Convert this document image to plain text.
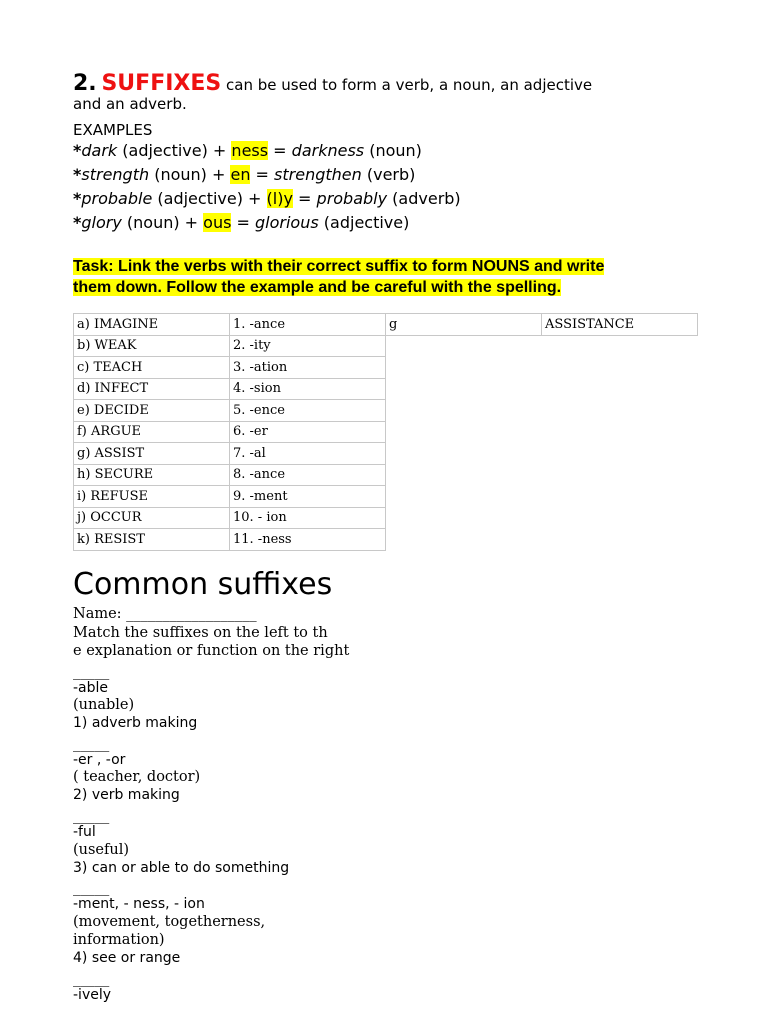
2. SUFFIXES can be used to form a verb, a noun, an adjective
and an adverb.
EXAMPLES
*dark (adjective) + ness = darkness (noun)
*strength (noun) + en = strengthen (verb)
*probable (adjective) + (l)y = probably (adverb)
*glory (noun) + ous = glorious (adjective)
Task: Link the verbs with their correct suffix to form NOUNS and write
them down. Follow the example and be careful with the spelling.
a) IMAGINE	1. -ance	g	ASSISTANCE
b) WEAK	2. -ity		
c) TEACH	3. -ation		
d) INFECT	4. -sion		
e) DECIDE	5. -ence		
f) ARGUE	6. -er		
g) ASSIST	7. -al		
h) SECURE	8. -ance		
i) REFUSE	9. -ment		
j) OCCUR	10. - ion		
k) RESIST	11. -ness		
Common suffixes
Name: __________________
Match the suffixes on the left to th
e explanation or function on the right
_____
-able
(unable)
1) adverb making
_____
-er , -or
( teacher, doctor)
2) verb making
_____
-ful
(useful)
3) can or able to do something
_____
-ment, - ness, - ion
(movement, togetherness,
information)
4) see or range
_____
-ively
